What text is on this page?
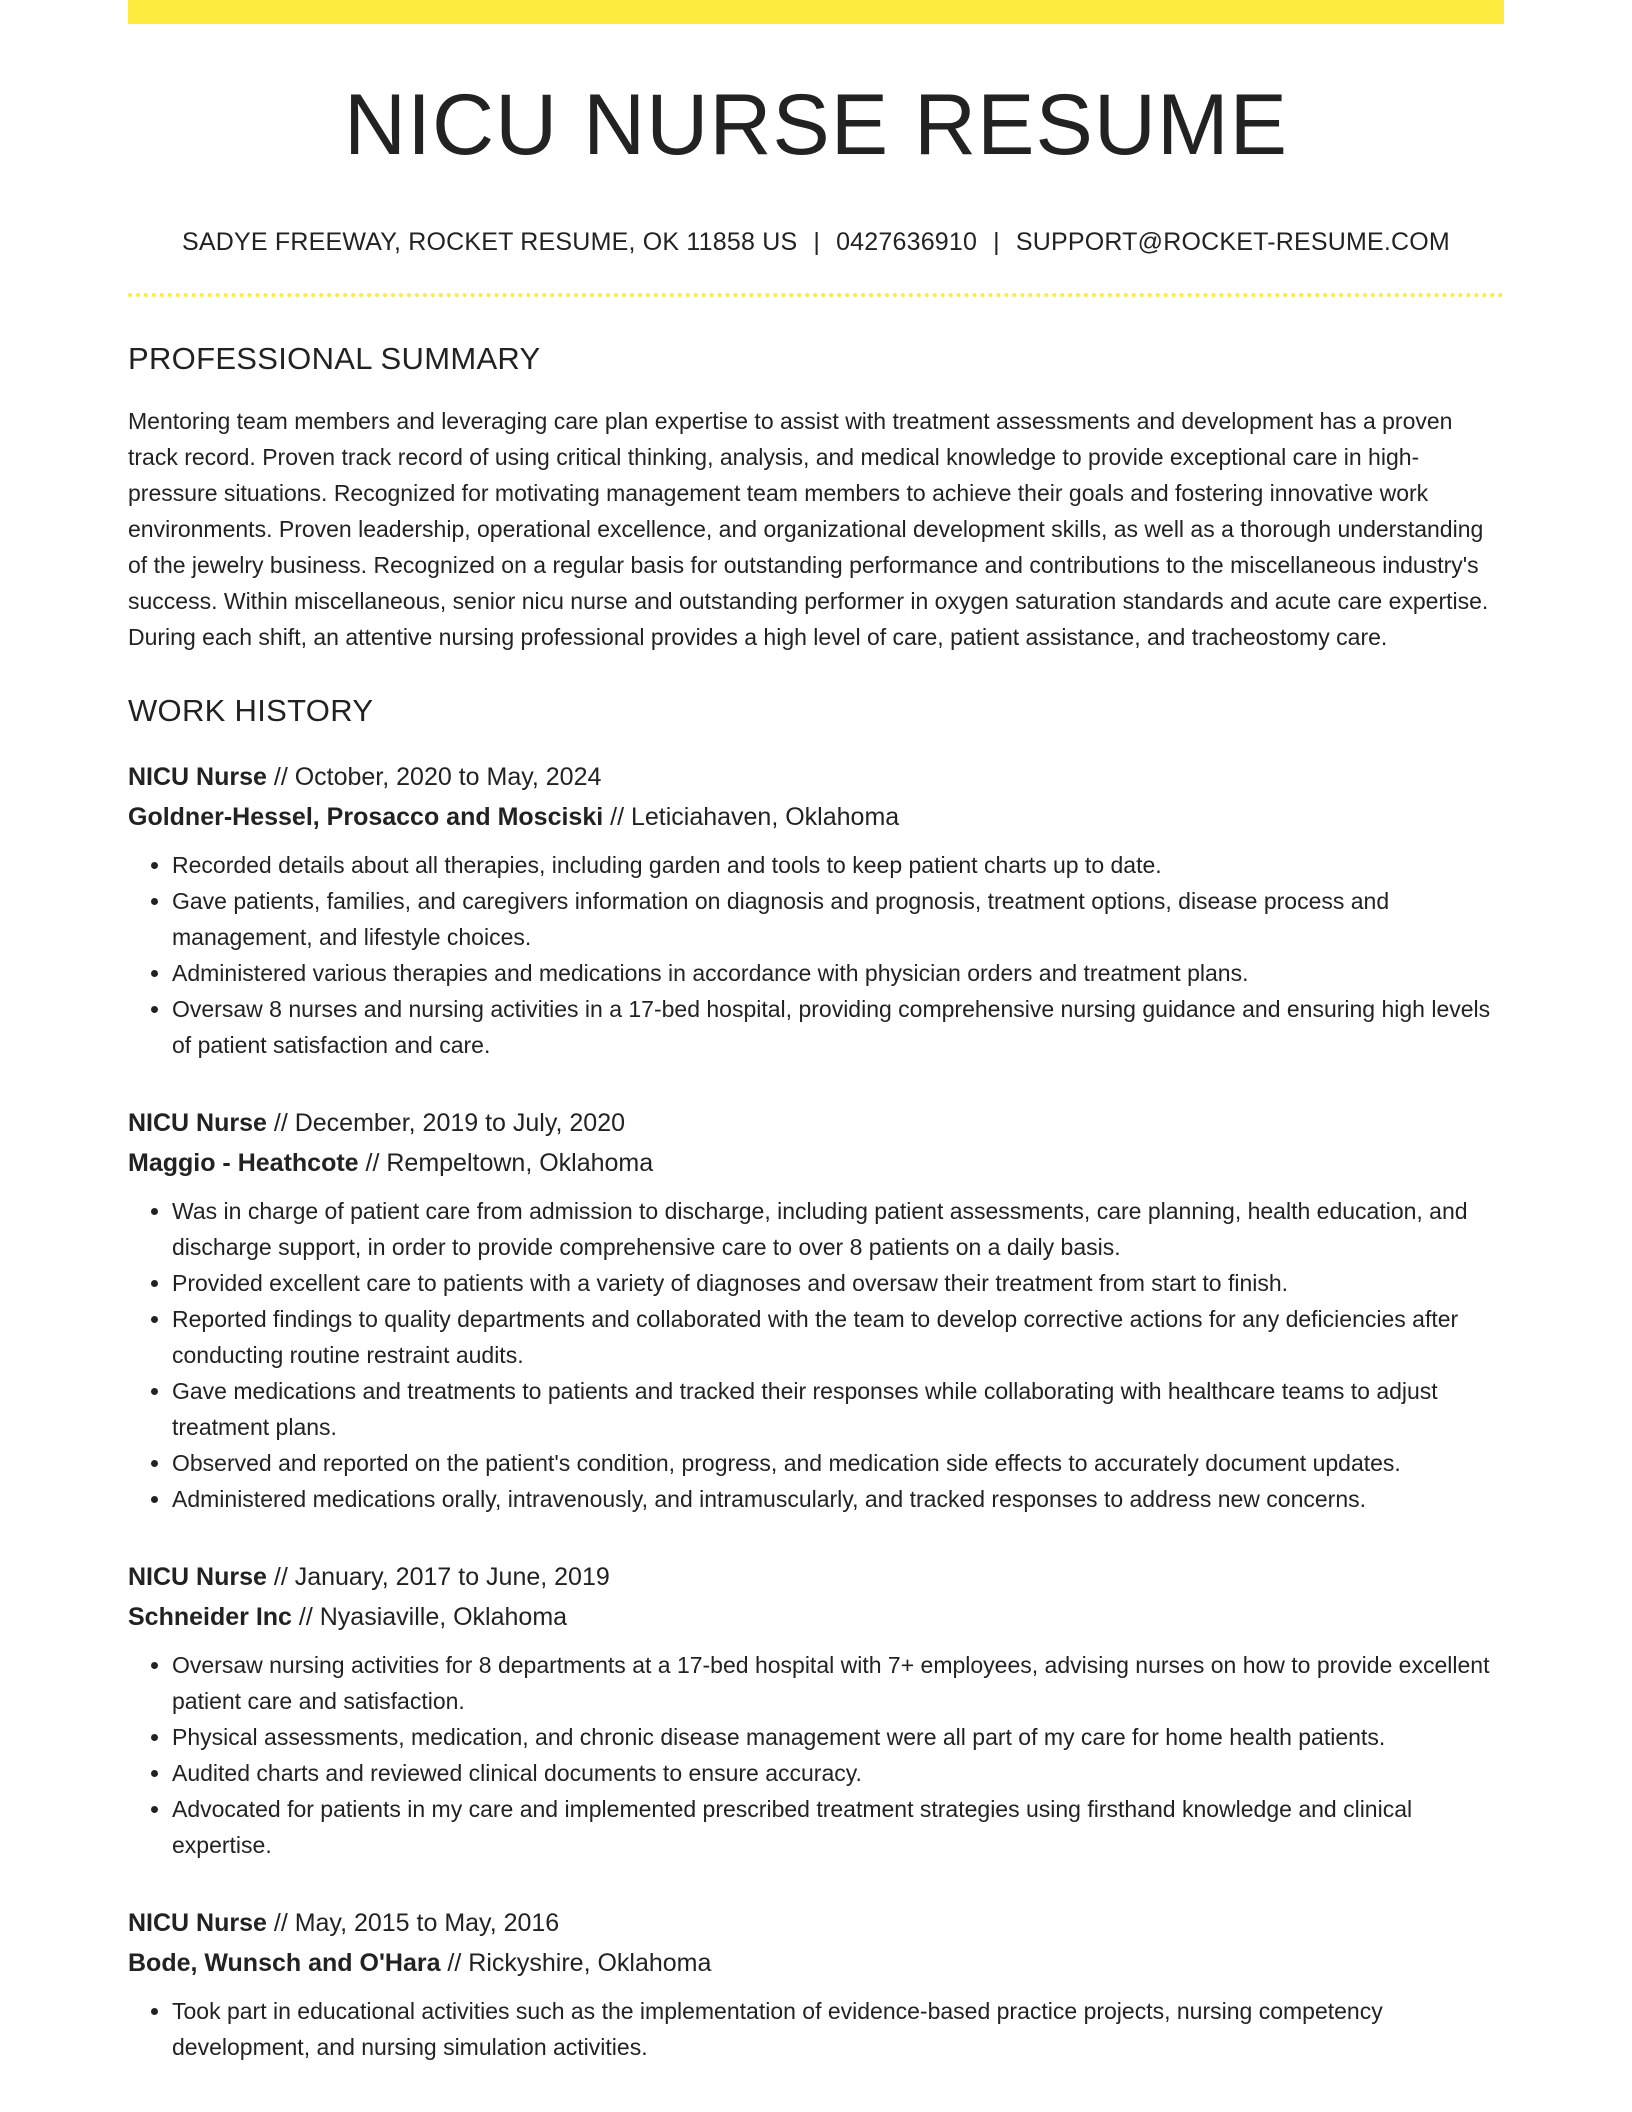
NICU NURSE RESUME
SADYE FREEWAY, ROCKET RESUME, OK 11858 US | 0427636910 | SUPPORT@ROCKET-RESUME.COM
PROFESSIONAL SUMMARY
Mentoring team members and leveraging care plan expertise to assist with treatment assessments and development has a proven track record. Proven track record of using critical thinking, analysis, and medical knowledge to provide exceptional care in high-pressure situations. Recognized for motivating management team members to achieve their goals and fostering innovative work environments. Proven leadership, operational excellence, and organizational development skills, as well as a thorough understanding of the jewelry business. Recognized on a regular basis for outstanding performance and contributions to the miscellaneous industry's success. Within miscellaneous, senior nicu nurse and outstanding performer in oxygen saturation standards and acute care expertise. During each shift, an attentive nursing professional provides a high level of care, patient assistance, and tracheostomy care.
WORK HISTORY
NICU Nurse // October, 2020 to May, 2024
Goldner-Hessel, Prosacco and Mosciski // Leticiahaven, Oklahoma
• Recorded details about all therapies, including garden and tools to keep patient charts up to date.
• Gave patients, families, and caregivers information on diagnosis and prognosis, treatment options, disease process and management, and lifestyle choices.
• Administered various therapies and medications in accordance with physician orders and treatment plans.
• Oversaw 8 nurses and nursing activities in a 17-bed hospital, providing comprehensive nursing guidance and ensuring high levels of patient satisfaction and care.
NICU Nurse // December, 2019 to July, 2020
Maggio - Heathcote // Rempeltown, Oklahoma
• Was in charge of patient care from admission to discharge, including patient assessments, care planning, health education, and discharge support, in order to provide comprehensive care to over 8 patients on a daily basis.
• Provided excellent care to patients with a variety of diagnoses and oversaw their treatment from start to finish.
• Reported findings to quality departments and collaborated with the team to develop corrective actions for any deficiencies after conducting routine restraint audits.
• Gave medications and treatments to patients and tracked their responses while collaborating with healthcare teams to adjust treatment plans.
• Observed and reported on the patient's condition, progress, and medication side effects to accurately document updates.
• Administered medications orally, intravenously, and intramuscularly, and tracked responses to address new concerns.
NICU Nurse // January, 2017 to June, 2019
Schneider Inc // Nyasiaville, Oklahoma
• Oversaw nursing activities for 8 departments at a 17-bed hospital with 7+ employees, advising nurses on how to provide excellent patient care and satisfaction.
• Physical assessments, medication, and chronic disease management were all part of my care for home health patients.
• Audited charts and reviewed clinical documents to ensure accuracy.
• Advocated for patients in my care and implemented prescribed treatment strategies using firsthand knowledge and clinical expertise.
NICU Nurse // May, 2015 to May, 2016
Bode, Wunsch and O'Hara // Rickyshire, Oklahoma
• Took part in educational activities such as the implementation of evidence-based practice projects, nursing competency development, and nursing simulation activities.
